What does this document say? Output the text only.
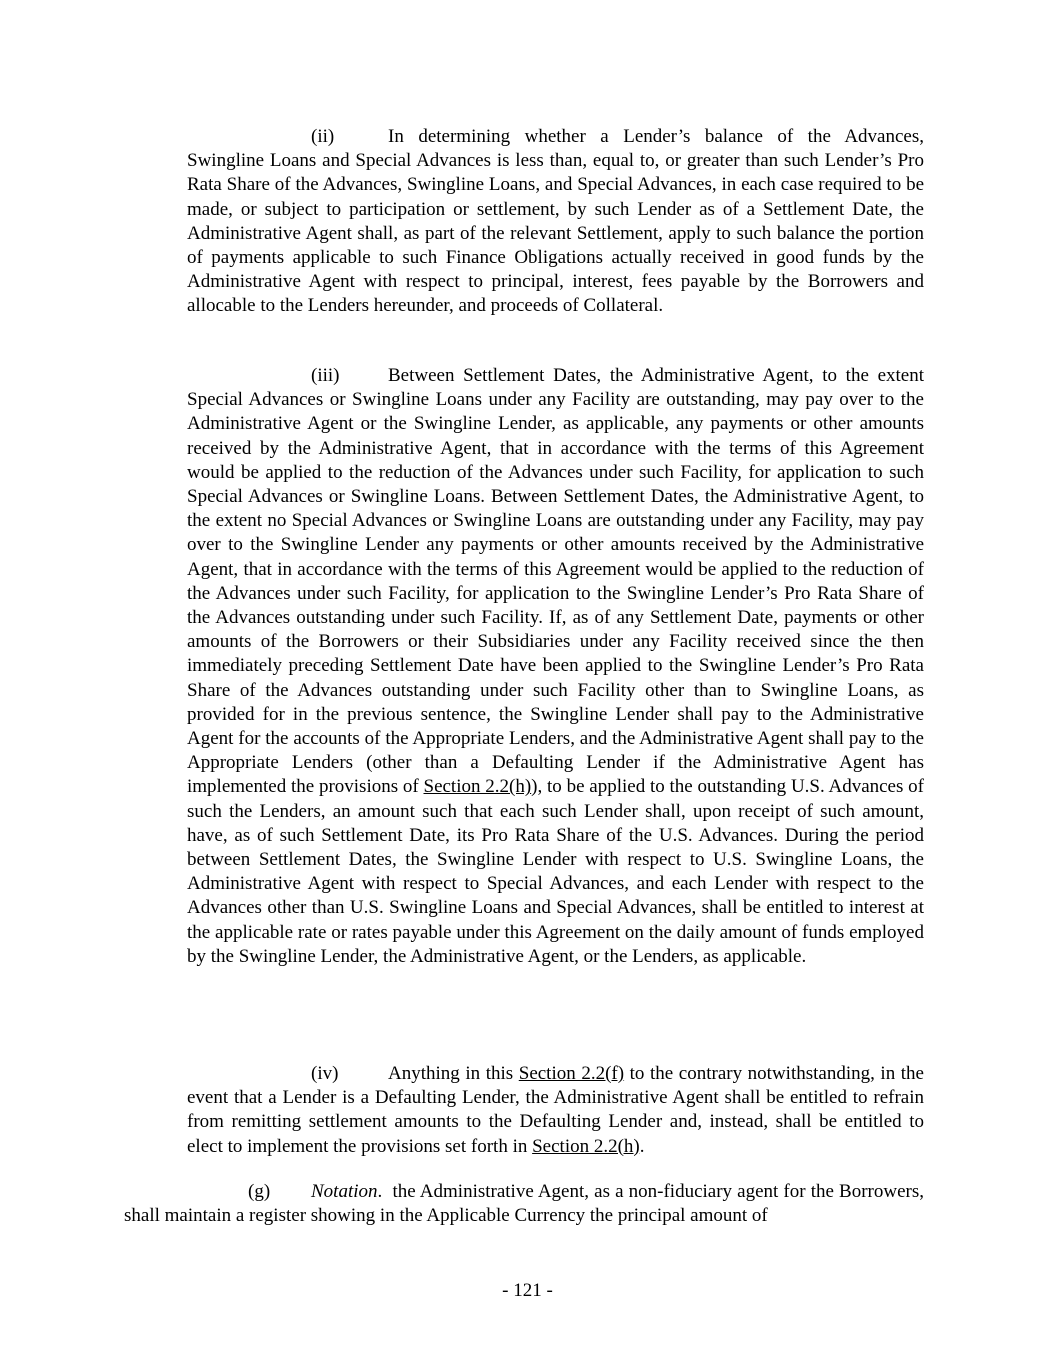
(ii)	In determining whether a Lender’s balance of the Advances, Swingline Loans and Special Advances is less than, equal to, or greater than such Lender’s Pro Rata Share of the Advances, Swingline Loans, and Special Advances, in each case required to be made, or subject to participation or settlement, by such Lender as of a Settlement Date, the Administrative Agent shall, as part of the relevant Settlement, apply to such balance the portion of payments applicable to such Finance Obligations actually received in good funds by the Administrative Agent with respect to principal, interest, fees payable by the Borrowers and allocable to the Lenders hereunder, and proceeds of Collateral.

(iii)	Between Settlement Dates, the Administrative Agent, to the extent Special Advances or Swingline Loans under any Facility are outstanding, may pay over to the Administrative Agent or the Swingline Lender, as applicable, any payments or other amounts received by the Administrative Agent, that in accordance with the terms of this Agreement would be applied to the reduction of the Advances under such Facility, for application to such Special Advances or Swingline Loans. Between Settlement Dates, the Administrative Agent, to the extent no Special Advances or Swingline Loans are outstanding under any Facility, may pay over to the Swingline Lender any payments or other amounts received by the Administrative Agent, that in accordance with the terms of this Agreement would be applied to the reduction of the Advances under such Facility, for application to the Swingline Lender’s Pro Rata Share of the Advances outstanding under such Facility. If, as of any Settlement Date, payments or other amounts of the Borrowers or their Subsidiaries under any Facility received since the then immediately preceding Settlement Date have been applied to the Swingline Lender’s Pro Rata Share of the Advances outstanding under such Facility other than to Swingline Loans, as provided for in the previous sentence, the Swingline Lender shall pay to the Administrative Agent for the accounts of the Appropriate Lenders, and the Administrative Agent shall pay to the Appropriate Lenders (other than a Defaulting Lender if the Administrative Agent has implemented the provisions of Section 2.2(h)), to be applied to the outstanding U.S. Advances of such the Lenders, an amount such that each such Lender shall, upon receipt of such amount, have, as of such Settlement Date, its Pro Rata Share of the U.S. Advances. During the period between Settlement Dates, the Swingline Lender with respect to U.S. Swingline Loans, the Administrative Agent with respect to Special Advances, and each Lender with respect to the Advances other than U.S. Swingline Loans and Special Advances, shall be entitled to interest at the applicable rate or rates payable under this Agreement on the daily amount of funds employed by the Swingline Lender, the Administrative Agent, or the Lenders, as applicable.

(iv)	Anything in this Section 2.2(f) to the contrary notwithstanding, in the event that a Lender is a Defaulting Lender, the Administrative Agent shall be entitled to refrain from remitting settlement amounts to the Defaulting Lender and, instead, shall be entitled to elect to implement the provisions set forth in Section 2.2(h).

(g) Notation.  the Administrative Agent, as a non-fiduciary agent for the Borrowers, shall maintain a register showing in the Applicable Currency the principal amount of

- 121 -
